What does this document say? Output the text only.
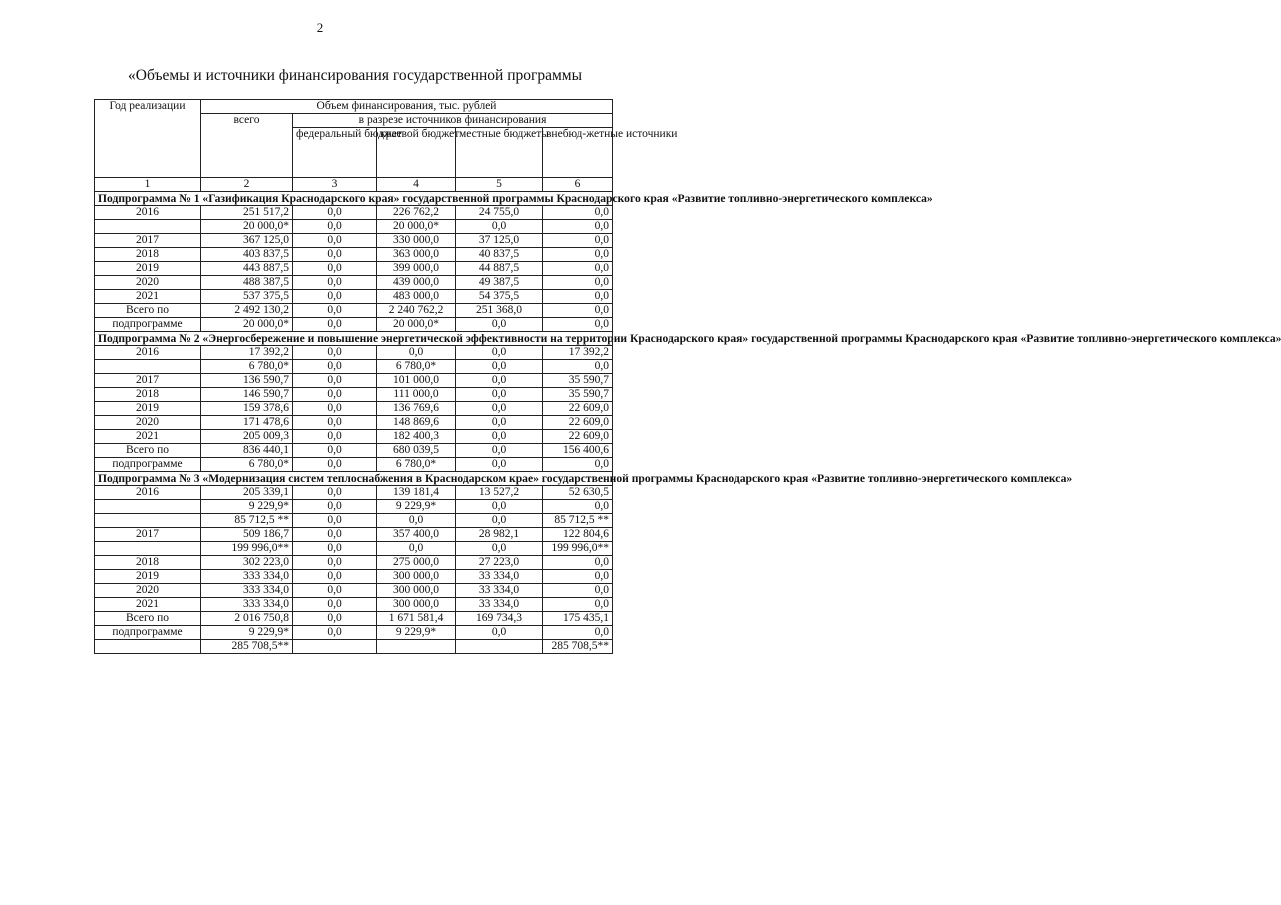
2
«Объемы и источники финансирования государственной программы
Год реализации	Объем финансирования, тыс. рублей				
	всего	в разрезе источников финансирования			
		федеральный бюджет	краевой бюджет	местные бюджеты	внебюд-жетные источники
1	2	3	4	5	6
Подпрограмма № 1 «Газификация Краснодарского края» государственной программы Краснодарского края «Развитие топливно-энергетического комплекса»					
2016	251 517,2	0,0	226 762,2	24 755,0	0,0
	20 000,0*	0,0	20 000,0*	0,0	0,0
2017	367 125,0	0,0	330 000,0	37 125,0	0,0
2018	403 837,5	0,0	363 000,0	40 837,5	0,0
2019	443 887,5	0,0	399 000,0	44 887,5	0,0
2020	488 387,5	0,0	439 000,0	49 387,5	0,0
2021	537 375,5	0,0	483 000,0	54 375,5	0,0
Всего по	2 492 130,2	0,0	2 240 762,2	251 368,0	0,0
подпрограмме	20 000,0*	0,0	20 000,0*	0,0	0,0
Подпрограмма № 2 «Энергосбережение и повышение энергетической эффективности на территории Краснодарского края» государственной программы Краснодарского края «Развитие топливно-энергетического комплекса»					
2016	17 392,2	0,0	0,0	0,0	17 392,2
	6 780,0*	0,0	6 780,0*	0,0	0,0
2017	136 590,7	0,0	101 000,0	0,0	35 590,7
2018	146 590,7	0,0	111 000,0	0,0	35 590,7
2019	159 378,6	0,0	136 769,6	0,0	22 609,0
2020	171 478,6	0,0	148 869,6	0,0	22 609,0
2021	205 009,3	0,0	182 400,3	0,0	22 609,0
Всего по	836 440,1	0,0	680 039,5	0,0	156 400,6
подпрограмме	6 780,0*	0,0	6 780,0*	0,0	0,0
Подпрограмма № 3 «Модернизация систем теплоснабжения в Краснодарском крае» государственной программы Краснодарского края «Развитие топливно-энергетического комплекса»					
2016	205 339,1	0,0	139 181,4	13 527,2	52 630,5
	9 229,9*	0,0	9 229,9*	0,0	0,0
	85 712,5 **	0,0	0,0	0,0	85 712,5 **
2017	509 186,7	0,0	357 400,0	28 982,1	122 804,6
	199 996,0**	0,0	0,0	0,0	199 996,0**
2018	302 223,0	0,0	275 000,0	27 223,0	0,0
2019	333 334,0	0,0	300 000,0	33 334,0	0,0
2020	333 334,0	0,0	300 000,0	33 334,0	0,0
2021	333 334,0	0,0	300 000,0	33 334,0	0,0
Всего по	2 016 750,8	0,0	1 671 581,4	169 734,3	175 435,1
подпрограмме	9 229,9*	0,0	9 229,9*	0,0	0,0
	285 708,5**				285 708,5**
